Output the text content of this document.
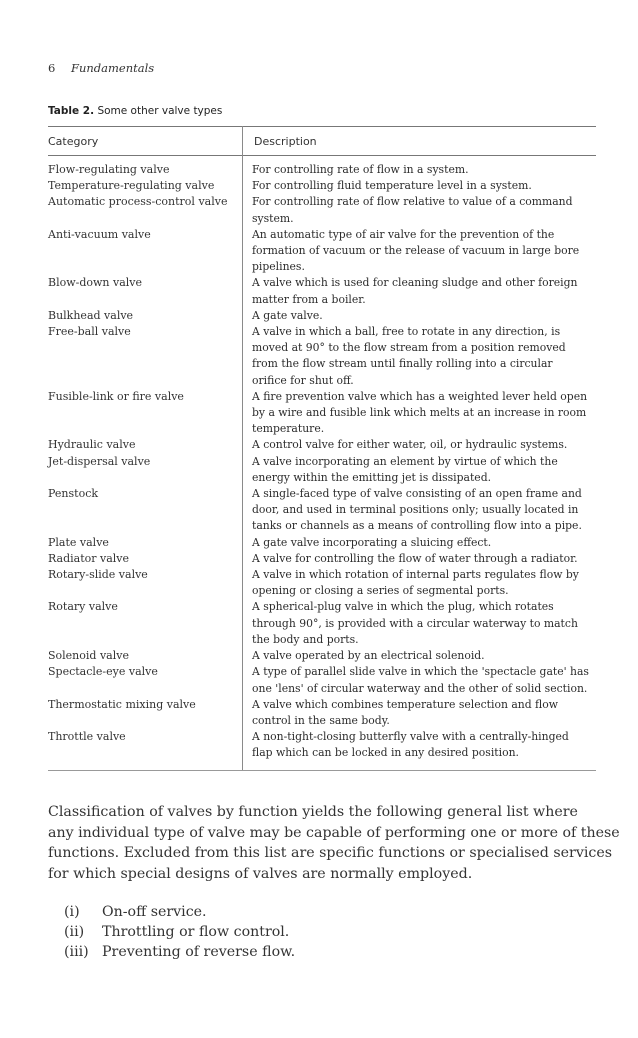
6 Fundamentals
Table 2. Some other valve types
Category	Description
Flow-regulating valve	For controlling rate of flow in a system.
Temperature-regulating valve	For controlling fluid temperature level in a system.
Automatic process-control valve	For controlling rate of flow relative to value of a command
system.
Anti-vacuum valve	An automatic type of air valve for the prevention of the
formation of vacuum or the release of vacuum in large bore
pipelines.
Blow-down valve	A valve which is used for cleaning sludge and other foreign
matter from a boiler.
Bulkhead valve	A gate valve.
Free-ball valve	A valve in which a ball, free to rotate in any direction, is
moved at 90° to the flow stream from a position removed
from the flow stream until finally rolling into a circular
orifice for shut off.
Fusible-link or fire valve	A fire prevention valve which has a weighted lever held open
by a wire and fusible link which melts at an increase in room
temperature.
Hydraulic valve	A control valve for either water, oil, or hydraulic systems.
Jet-dispersal valve	A valve incorporating an element by virtue of which the
energy within the emitting jet is dissipated.
Penstock	A single-faced type of valve consisting of an open frame and
door, and used in terminal positions only; usually located in
tanks or channels as a means of controlling flow into a pipe.
Plate valve	A gate valve incorporating a sluicing effect.
Radiator valve	A valve for controlling the flow of water through a radiator.
Rotary-slide valve	A valve in which rotation of internal parts regulates flow by
opening or closing a series of segmental ports.
Rotary valve	A spherical-plug valve in which the plug, which rotates
through 90°, is provided with a circular waterway to match
the body and ports.
Solenoid valve	A valve operated by an electrical solenoid.
Spectacle-eye valve	A type of parallel slide valve in which the 'spectacle gate' has
one 'lens' of circular waterway and the other of solid section.
Thermostatic mixing valve	A valve which combines temperature selection and flow
control in the same body.
Throttle valve	A non-tight-closing butterfly valve with a centrally-hinged
flap which can be locked in any desired position.
Classification of valves by function yields the following general list where
any individual type of valve may be capable of performing one or more of these
functions. Excluded from this list are specific functions or specialised services
for which special designs of valves are normally employed.
(i)	On-off service.
(ii)	Throttling or flow control.
(iii) Preventing of reverse flow.
